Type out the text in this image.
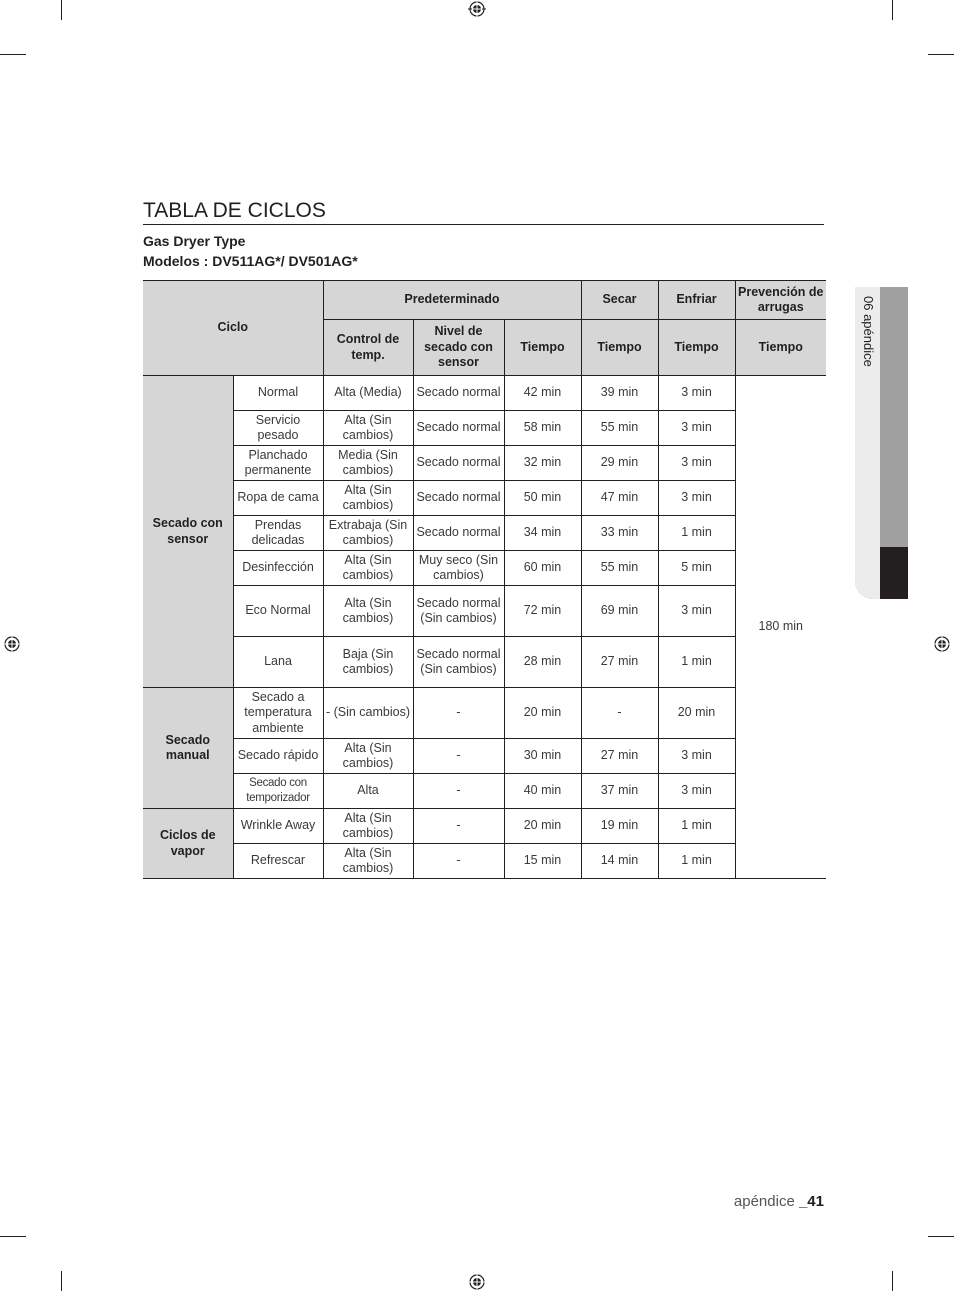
TABLA DE CICLOS
Gas Dryer Type
Modelos : DV511AG*/ DV501AG*
Ciclo		Predeterminado			Secar	Enfriar	Prevención de arrugas
		Control de temp.	Nivel de secado con sensor	Tiempo	Tiempo	Tiempo	Tiempo
Secado con sensor	Normal	Alta (Media)	Secado normal	42 min	39 min	3 min	180 min
	Servicio pesado	Alta (Sin cambios)	Secado normal	58 min	55 min	3 min	
	Planchado permanente	Media (Sin cambios)	Secado normal	32 min	29 min	3 min	
	Ropa de cama	Alta (Sin cambios)	Secado normal	50 min	47 min	3 min	
	Prendas delicadas	Extrabaja (Sin cambios)	Secado normal	34 min	33 min	1 min	
	Desinfección	Alta (Sin cambios)	Muy seco (Sin cambios)	60 min	55 min	5 min	
	Eco Normal	Alta (Sin cambios)	Secado normal (Sin cambios)	72 min	69 min	3 min	
	Lana	Baja (Sin cambios)	Secado normal (Sin cambios)	28 min	27 min	1 min	
Secado manual	Secado a temperatura ambiente	- (Sin cambios)	-	20 min	-	20 min	
	Secado rápido	Alta (Sin cambios)	-	30 min	27 min	3 min	
	Secado con temporizador	Alta	-	40 min	37 min	3 min	
Ciclos de vapor	Wrinkle Away	Alta (Sin cambios)	-	20 min	19 min	1 min	
	Refrescar	Alta (Sin cambios)	-	15 min	14 min	1 min	
06 apéndice
apéndice _41
